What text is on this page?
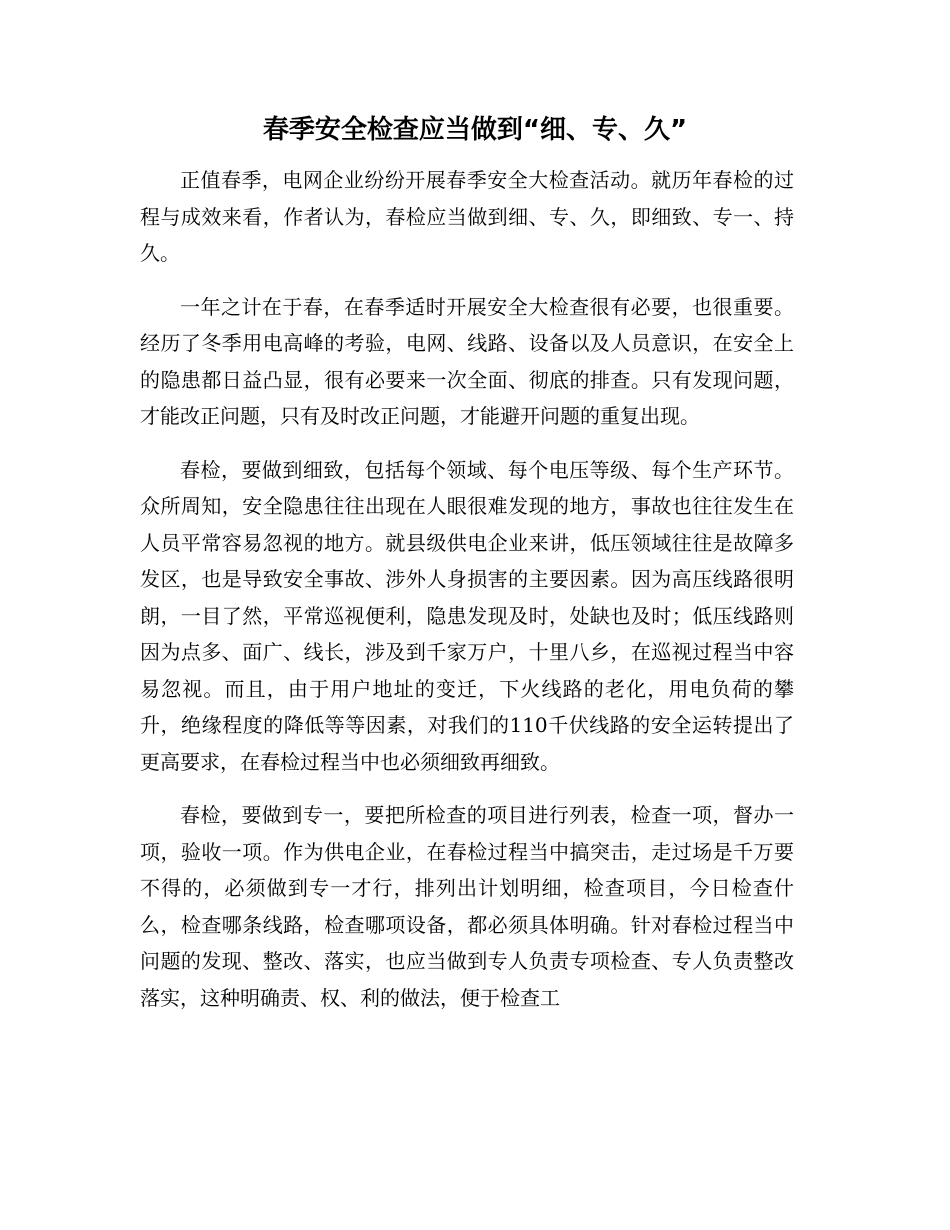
春季安全检查应当做到“细、专、久”

正值春季，电网企业纷纷开展春季安全大检查活动。就历年春检的过程与成效来看，作者认为，春检应当做到细、专、久，即细致、专一、持久。

一年之计在于春，在春季适时开展安全大检查很有必要，也很重要。经历了冬季用电高峰的考验，电网、线路、设备以及人员意识，在安全上的隐患都日益凸显，很有必要来一次全面、彻底的排查。只有发现问题，才能改正问题，只有及时改正问题，才能避开问题的重复出现。

春检，要做到细致，包括每个领域、每个电压等级、每个生产环节。众所周知，安全隐患往往出现在人眼很难发现的地方，事故也往往发生在人员平常容易忽视的地方。就县级供电企业来讲，低压领域往往是故障多发区，也是导致安全事故、涉外人身损害的主要因素。因为高压线路很明朗，一目了然，平常巡视便利，隐患发现及时，处缺也及时；低压线路则因为点多、面广、线长，涉及到千家万户，十里八乡，在巡视过程当中容易忽视。而且，由于用户地址的变迁，下火线路的老化，用电负荷的攀升，绝缘程度的降低等等因素，对我们的110千伏线路的安全运转提出了更高要求，在春检过程当中也必须细致再细致。

春检，要做到专一，要把所检查的项目进行列表，检查一项，督办一项，验收一项。作为供电企业，在春检过程当中搞突击，走过场是千万要不得的，必须做到专一才行，排列出计划明细，检查项目，今日检查什么，检查哪条线路，检查哪项设备，都必须具体明确。针对春检过程当中问题的发现、整改、落实，也应当做到专人负责专项检查、专人负责整改落实，这种明确责、权、利的做法，便于检查工
